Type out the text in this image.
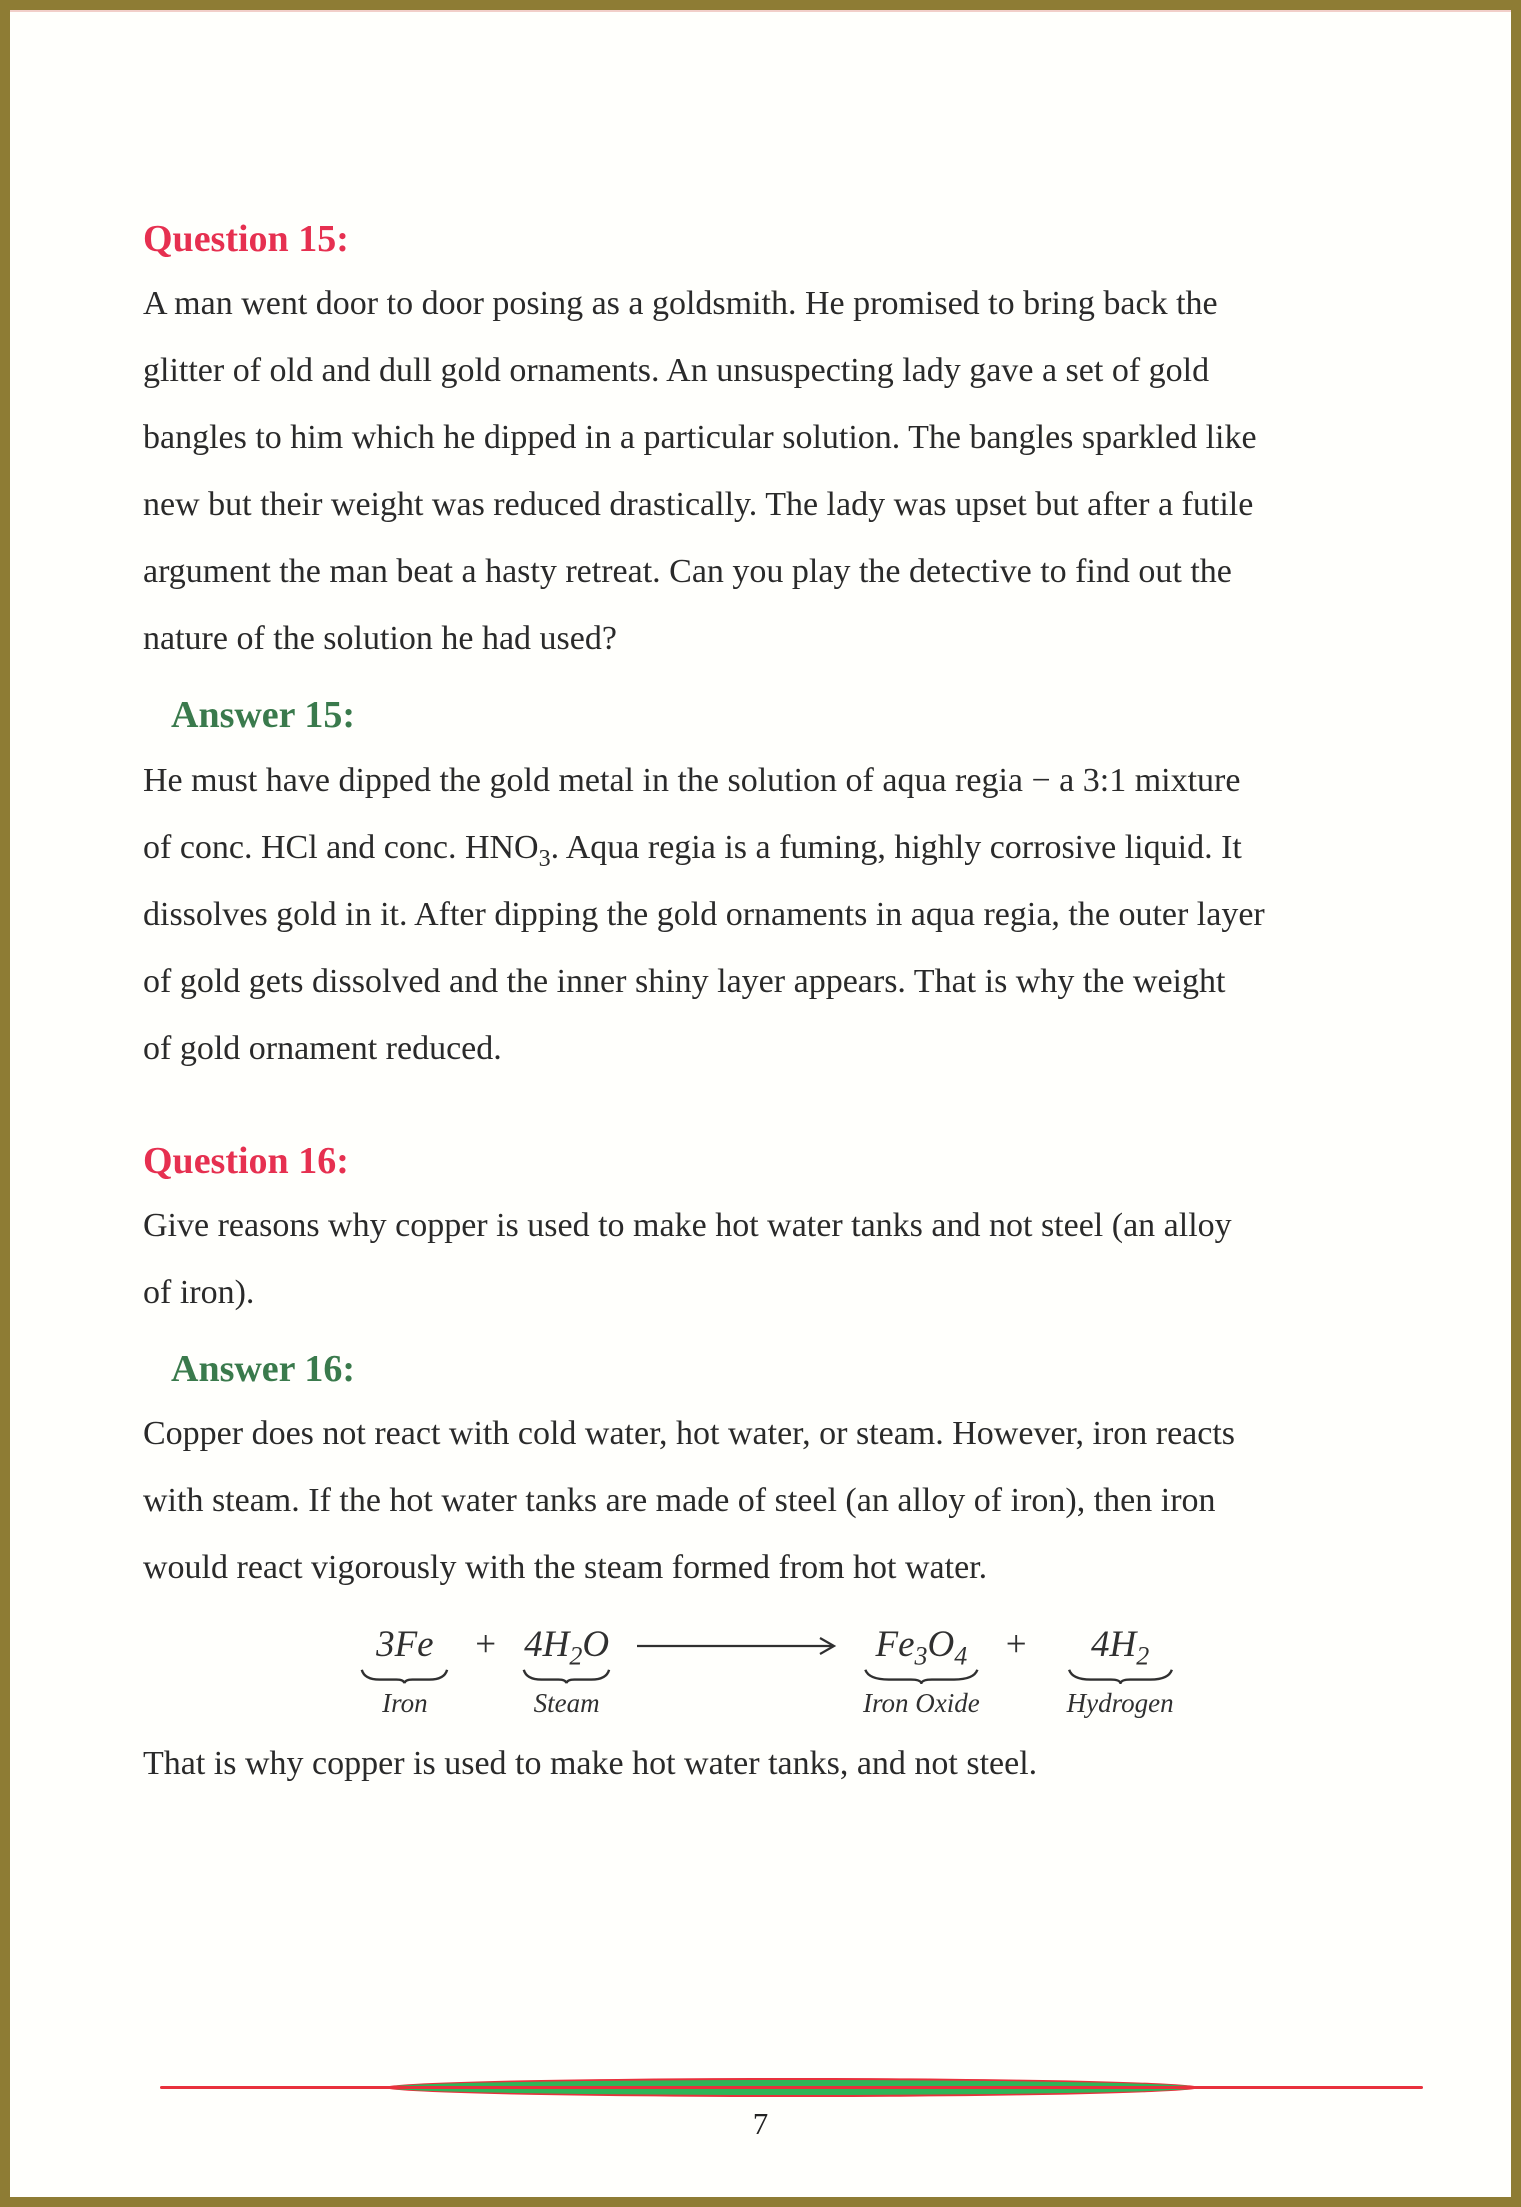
Question 15:

A man went door to door posing as a goldsmith. He promised to bring back the
glitter of old and dull gold ornaments. An unsuspecting lady gave a set of gold
bangles to him which he dipped in a particular solution. The bangles sparkled like
new but their weight was reduced drastically. The lady was upset but after a futile
argument the man beat a hasty retreat. Can you play the detective to find out the
nature of the solution he had used?

Answer 15:

He must have dipped the gold metal in the solution of aqua regia − a 3:1 mixture
of conc. HCl and conc. $HNO_3$. Aqua regia is a fuming, highly corrosive liquid. It
dissolves gold in it. After dipping the gold ornaments in aqua regia, the outer layer
of gold gets dissolved and the inner shiny layer appears. That is why the weight
of gold ornament reduced.

Question 16:

Give reasons why copper is used to make hot water tanks and not steel (an alloy
of iron).

Answer 16:

Copper does not react with cold water, hot water, or steam. However, iron reacts
with steam. If the hot water tanks are made of steel (an alloy of iron), then iron
would react vigorously with the steam formed from hot water.

3Fe
Iron
+ $4H_2O$
Steam
$Fe_3O_4$
Iron Oxide
+ $4H_2$
Hydrogen

That is why copper is used to make hot water tanks, and not steel.

7
